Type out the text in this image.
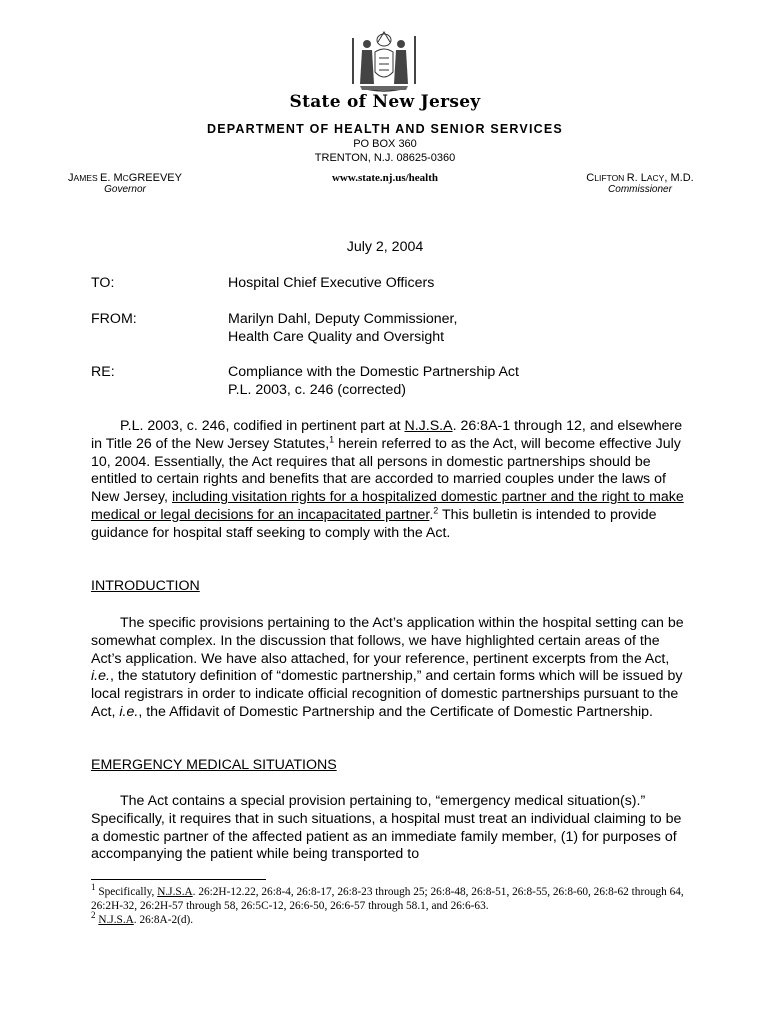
State of New Jersey
DEPARTMENT OF HEALTH AND SENIOR SERVICES
PO BOX 360
TRENTON, N.J. 08625-0360
www.state.nj.us/health
JAMES E. MCGREEVEY
Governor
CLIFTON R. LACY, M.D.
Commissioner
July 2, 2004
TO:	Hospital Chief Executive Officers
FROM:	Marilyn Dahl, Deputy Commissioner,
Health Care Quality and Oversight
RE:	Compliance with the Domestic Partnership Act
P.L. 2003, c. 246 (corrected)
P.L. 2003, c. 246, codified in pertinent part at N.J.S.A. 26:8A-1 through 12, and elsewhere in Title 26 of the New Jersey Statutes,$^1$ herein referred to as the Act, will become effective July 10, 2004. Essentially, the Act requires that all persons in domestic partnerships should be entitled to certain rights and benefits that are accorded to married couples under the laws of New Jersey, including visitation rights for a hospitalized domestic partner and the right to make medical or legal decisions for an incapacitated partner.$^2$ This bulletin is intended to provide guidance for hospital staff seeking to comply with the Act.
INTRODUCTION
The specific provisions pertaining to the Act’s application within the hospital setting can be somewhat complex. In the discussion that follows, we have highlighted certain areas of the Act’s application. We have also attached, for your reference, pertinent excerpts from the Act, i.e., the statutory definition of “domestic partnership,” and certain forms which will be issued by local registrars in order to indicate official recognition of domestic partnerships pursuant to the Act, i.e., the Affidavit of Domestic Partnership and the Certificate of Domestic Partnership.
EMERGENCY MEDICAL SITUATIONS
The Act contains a special provision pertaining to, “emergency medical situation(s).” Specifically, it requires that in such situations, a hospital must treat an individual claiming to be a domestic partner of the affected patient as an immediate family member, (1) for purposes of accompanying the patient while being transported to
$^1$ Specifically, N.J.S.A. 26:2H-12.22, 26:8-4, 26:8-17, 26:8-23 through 25; 26:8-48, 26:8-51, 26:8-55, 26:8-60, 26:8-62 through 64, 26:2H-32, 26:2H-57 through 58, 26:5C-12, 26:6-50, 26:6-57 through 58.1, and 26:6-63.
$^2$ N.J.S.A. 26:8A-2(d).
